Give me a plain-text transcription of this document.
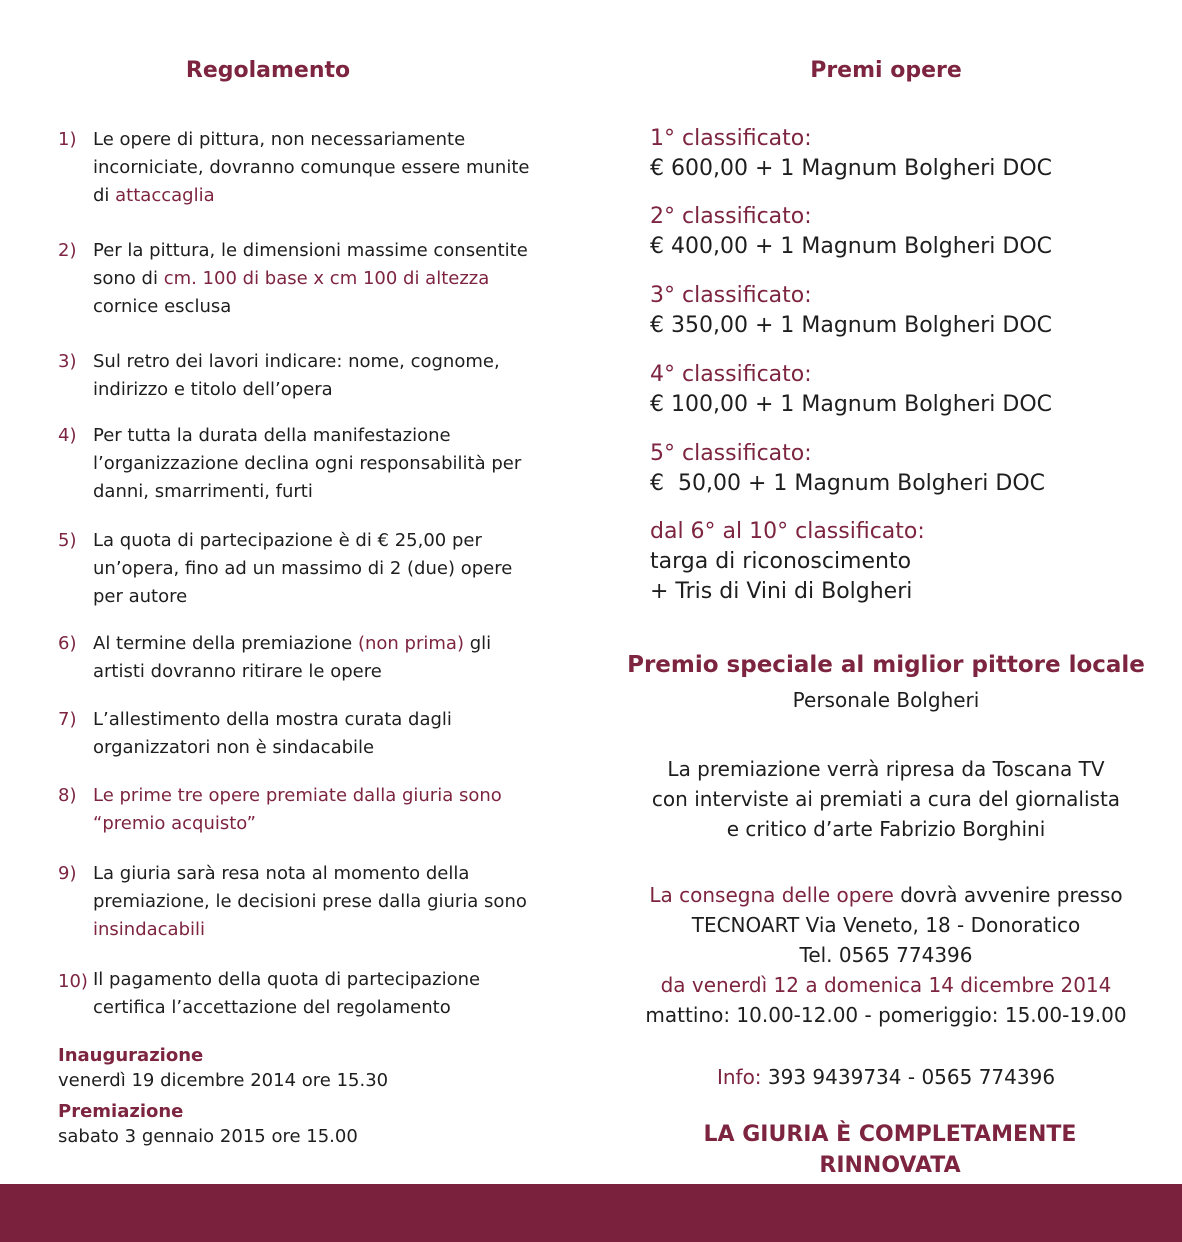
Regolamento
1) Le opere di pittura, non necessariamente
incorniciate, dovranno comunque essere munite
di attaccaglia
2) Per la pittura, le dimensioni massime consentite
sono di cm. 100 di base x cm 100 di altezza
cornice esclusa
3) Sul retro dei lavori indicare: nome, cognome,
indirizzo e titolo dell’opera
4) Per tutta la durata della manifestazione
l’organizzazione declina ogni responsabilità per
danni, smarrimenti, furti
5) La quota di partecipazione è di € 25,00 per
un’opera, fino ad un massimo di 2 (due) opere
per autore
6) Al termine della premiazione (non prima) gli
artisti dovranno ritirare le opere
7) L’allestimento della mostra curata dagli
organizzatori non è sindacabile
8) Le prime tre opere premiate dalla giuria sono
“premio acquisto”
9) La giuria sarà resa nota al momento della
premiazione, le decisioni prese dalla giuria sono
insindacabili
10) Il pagamento della quota di partecipazione
certifica l’accettazione del regolamento
Inaugurazione
venerdì 19 dicembre 2014 ore 15.30
Premiazione
sabato 3 gennaio 2015 ore 15.00
Premi opere
1° classificato:
€ 600,00 + 1 Magnum Bolgheri DOC
2° classificato:
€ 400,00 + 1 Magnum Bolgheri DOC
3° classificato:
€ 350,00 + 1 Magnum Bolgheri DOC
4° classificato:
€ 100,00 + 1 Magnum Bolgheri DOC
5° classificato:
€  50,00 + 1 Magnum Bolgheri DOC
dal 6° al 10° classificato:
targa di riconoscimento
+ Tris di Vini di Bolgheri
Premio speciale al miglior pittore locale
Personale Bolgheri
La premiazione verrà ripresa da Toscana TV
con interviste ai premiati a cura del giornalista
e critico d’arte Fabrizio Borghini
La consegna delle opere dovrà avvenire presso
TECNOART Via Veneto, 18 - Donoratico
Tel. 0565 774396
da venerdì 12 a domenica 14 dicembre 2014
mattino: 10.00-12.00 - pomeriggio: 15.00-19.00
Info: 393 9439734 - 0565 774396
LA GIURIA È COMPLETAMENTE RINNOVATA
